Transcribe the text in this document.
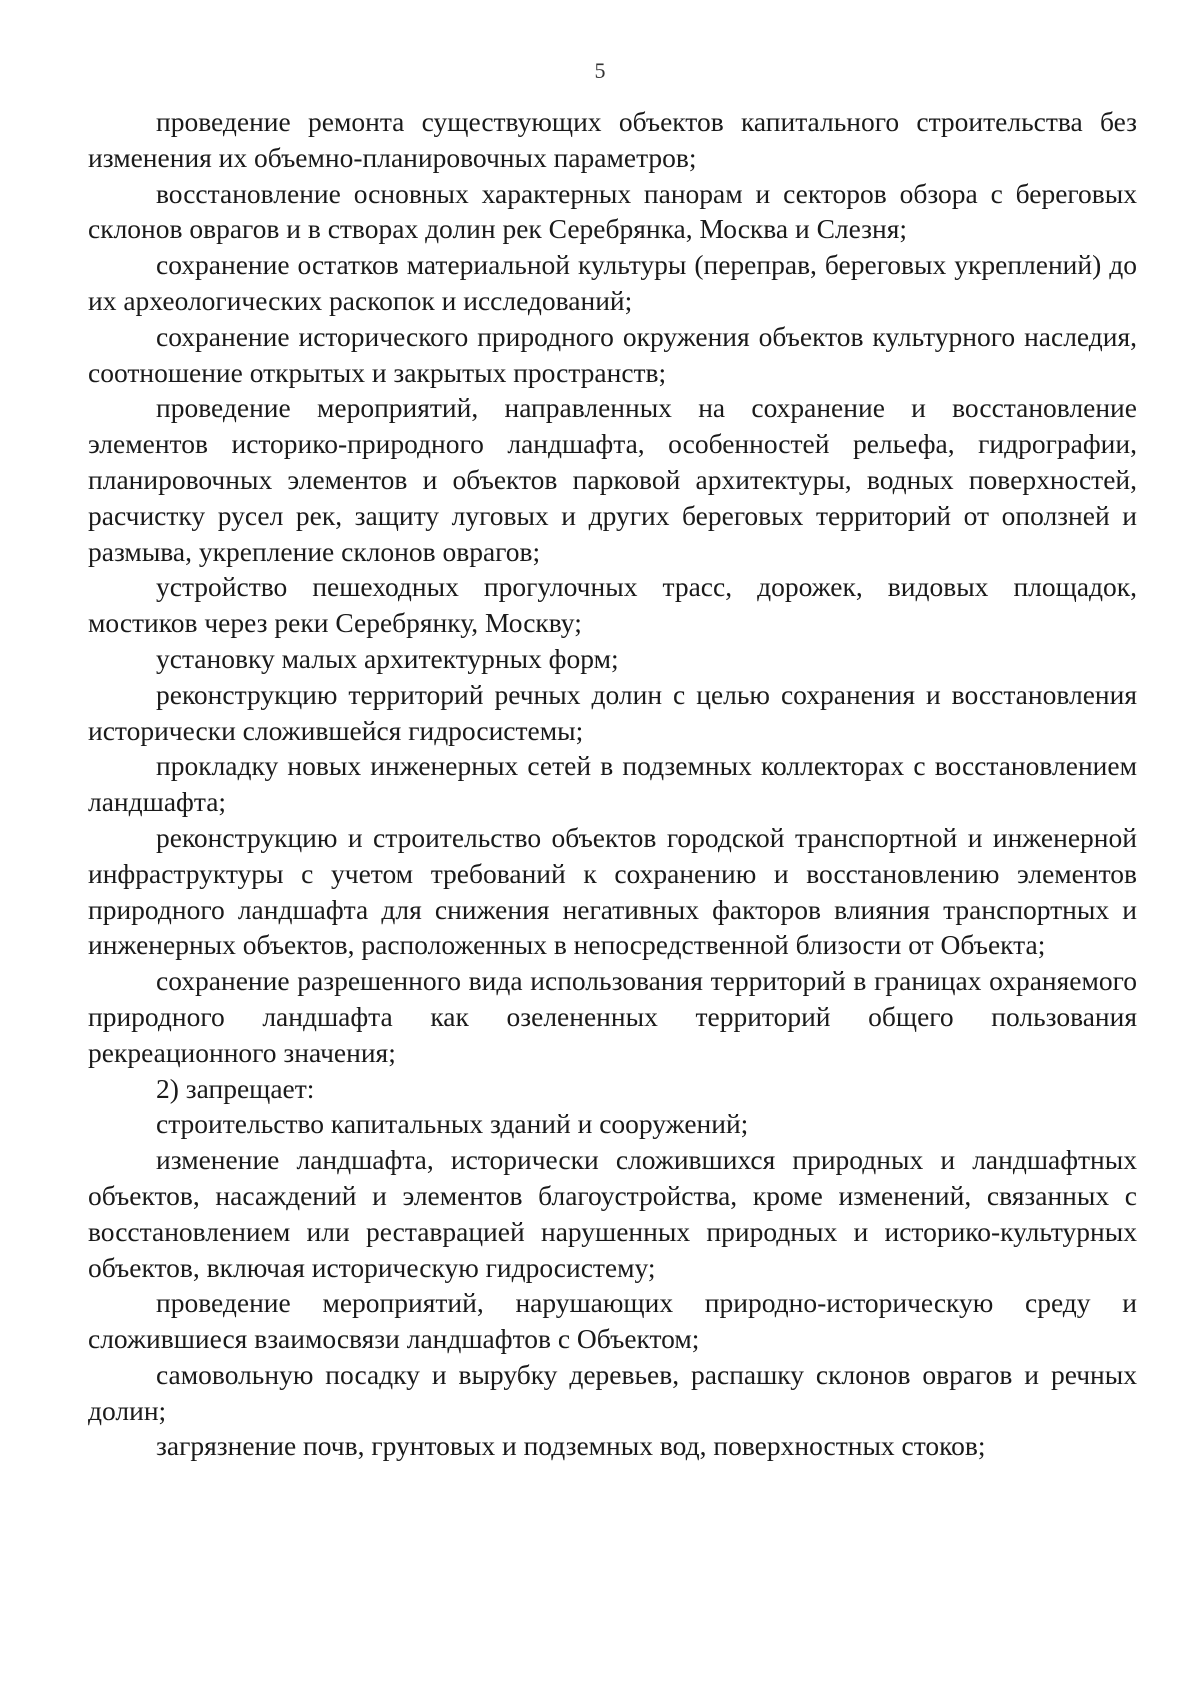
5

проведение ремонта существующих объектов капитального строительства без изменения их объемно-планировочных параметров;

восстановление основных характерных панорам и секторов обзора с береговых склонов оврагов и в створах долин рек Серебрянка, Москва и Слезня;

сохранение остатков материальной культуры (переправ, береговых укреплений) до их археологических раскопок и исследований;

сохранение исторического природного окружения объектов культурного наследия, соотношение открытых и закрытых пространств;

проведение мероприятий, направленных на сохранение и восстановление элементов историко-природного ландшафта, особенностей рельефа, гидрографии, планировочных элементов и объектов парковой архитектуры, водных поверхностей, расчистку русел рек, защиту луговых и других береговых территорий от оползней и размыва, укрепление склонов оврагов;

устройство пешеходных прогулочных трасс, дорожек, видовых площадок, мостиков через реки Серебрянку, Москву;

установку малых архитектурных форм;

реконструкцию территорий речных долин с целью сохранения и восстановления исторически сложившейся гидросистемы;

прокладку новых инженерных сетей в подземных коллекторах с восстановлением ландшафта;

реконструкцию и строительство объектов городской транспортной и инженерной инфраструктуры с учетом требований к сохранению и восстановлению элементов природного ландшафта для снижения негативных факторов влияния транспортных и инженерных объектов, расположенных в непосредственной близости от Объекта;

сохранение разрешенного вида использования территорий в границах охраняемого природного ландшафта как озелененных территорий общего пользования рекреационного значения;

2) запрещает:

строительство капитальных зданий и сооружений;

изменение ландшафта, исторически сложившихся природных и ландшафтных объектов, насаждений и элементов благоустройства, кроме изменений, связанных с восстановлением или реставрацией нарушенных природных и историко-культурных объектов, включая историческую гидросистему;

проведение мероприятий, нарушающих природно-историческую среду и сложившиеся взаимосвязи ландшафтов с Объектом;

самовольную посадку и вырубку деревьев, распашку склонов оврагов и речных долин;

загрязнение почв, грунтовых и подземных вод, поверхностных стоков;
